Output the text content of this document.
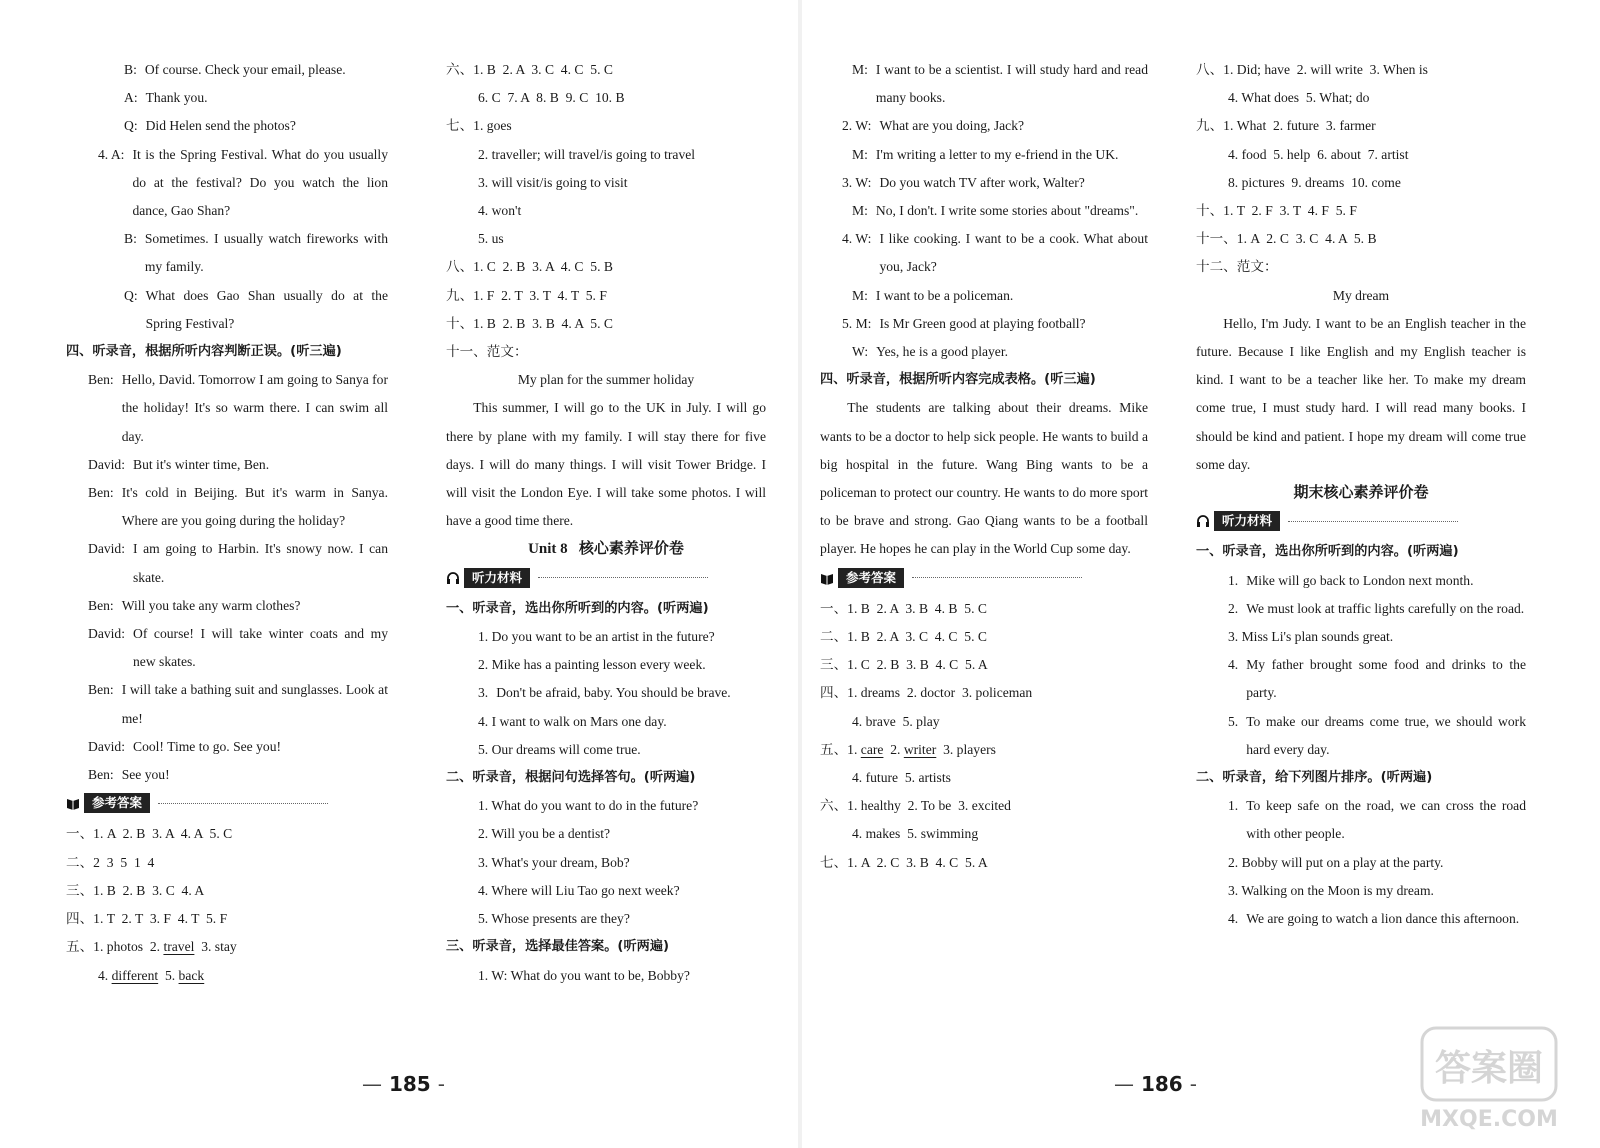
B: Of course. Check your email, please.
A: Thank you.
Q: Did Helen send the photos?
4. A: It is the Spring Festival. What do you usually do at the festival? Do you watch the lion dance, Gao Shan?
B: Sometimes. I usually watch fireworks with my family.
Q: What does Gao Shan usually do at the Spring Festival?
四、听录音，根据所听内容判断正误。(听三遍)
Ben: Hello, David. Tomorrow I am going to Sanya for the holiday! It's so warm there. I can swim all day.
David: But it's winter time, Ben.
Ben: It's cold in Beijing. But it's warm in Sanya. Where are you going during the holiday?
David: I am going to Harbin. It's snowy now. I can skate.
Ben: Will you take any warm clothes?
David: Of course! I will take winter coats and my new skates.
Ben: I will take a bathing suit and sunglasses. Look at me!
David: Cool! Time to go. See you!
Ben: See you!
参考答案
一、1. A  2. B  3. A  4. A  5. C
二、2  3  5  1  4
三、1. B  2. B  3. C  4. A
四、1. T  2. T  3. F  4. T  5. F
五、1. photos  2. travel  3. stay
4. different  5. back
六、1. B  2. A  3. C  4. C  5. C
6. C  7. A  8. B  9. C  10. B
七、1. goes
2. traveller; will travel/is going to travel
3. will visit/is going to visit
4. won't
5. us
八、1. C  2. B  3. A  4. C  5. B
九、1. F  2. T  3. T  4. T  5. F
十、1. B  2. B  3. B  4. A  5. C
十一、范文：
My plan for the summer holiday
This summer, I will go to the UK in July. I will go there by plane with my family. I will stay there for five days. I will do many things. I will visit Tower Bridge. I will visit the London Eye. I will take some photos. I will have a good time there.
Unit 8   核心素养评价卷
听力材料
一、听录音，选出你所听到的内容。(听两遍)
1. Do you want to be an artist in the future?
2. Mike has a painting lesson every week.
3. Don't be afraid, baby. You should be brave.
4. I want to walk on Mars one day.
5. Our dreams will come true.
二、听录音，根据问句选择答句。(听两遍)
1. What do you want to do in the future?
2. Will you be a dentist?
3. What's your dream, Bob?
4. Where will Liu Tao go next week?
5. Whose presents are they?
三、听录音，选择最佳答案。(听两遍)
1. W: What do you want to be, Bobby?
M: I want to be a scientist. I will study hard and read many books.
2. W: What are you doing, Jack?
M: I'm writing a letter to my e-friend in the UK.
3. W: Do you watch TV after work, Walter?
M: No, I don't. I write some stories about "dreams".
4. W: I like cooking. I want to be a cook. What about you, Jack?
M: I want to be a policeman.
5. M: Is Mr Green good at playing football?
W: Yes, he is a good player.
四、听录音，根据所听内容完成表格。(听三遍)
The students are talking about their dreams. Mike wants to be a doctor to help sick people. He wants to build a big hospital in the future. Wang Bing wants to be a policeman to protect our country. He wants to do more sport to be brave and strong. Gao Qiang wants to be a football player. He hopes he can play in the World Cup some day.
参考答案
一、1. B  2. A  3. B  4. B  5. C
二、1. B  2. A  3. C  4. C  5. C
三、1. C  2. B  3. B  4. C  5. A
四、1. dreams  2. doctor  3. policeman
4. brave  5. play
五、1. care  2. writer  3. players
4. future  5. artists
六、1. healthy  2. To be  3. excited
4. makes  5. swimming
七、1. A  2. C  3. B  4. C  5. A
八、1. Did; have  2. will write  3. When is
4. What does  5. What; do
九、1. What  2. future  3. farmer
4. food  5. help  6. about  7. artist
8. pictures  9. dreams  10. come
十、1. T  2. F  3. T  4. F  5. F
十一、1. A  2. C  3. C  4. A  5. B
十二、范文：
My dream
Hello, I'm Judy. I want to be an English teacher in the future. Because I like English and my English teacher is kind. I want to be a teacher like her. To make my dream come true, I must study hard. I will read many books. I should be kind and patient. I hope my dream will come true some day.
期末核心素养评价卷
听力材料
一、听录音，选出你所听到的内容。(听两遍)
1. Mike will go back to London next month.
2. We must look at traffic lights carefully on the road.
3. Miss Li's plan sounds great.
4. My father brought some food and drinks to the party.
5. To make our dreams come true, we should work hard every day.
二、听录音，给下列图片排序。(听两遍)
1. To keep safe on the road, we can cross the road with other people.
2. Bobby will put on a play at the party.
3. Walking on the Moon is my dream.
4. We are going to watch a lion dance this afternoon.
— 185 -	— 186 -	答案圈
MXQE.COM
